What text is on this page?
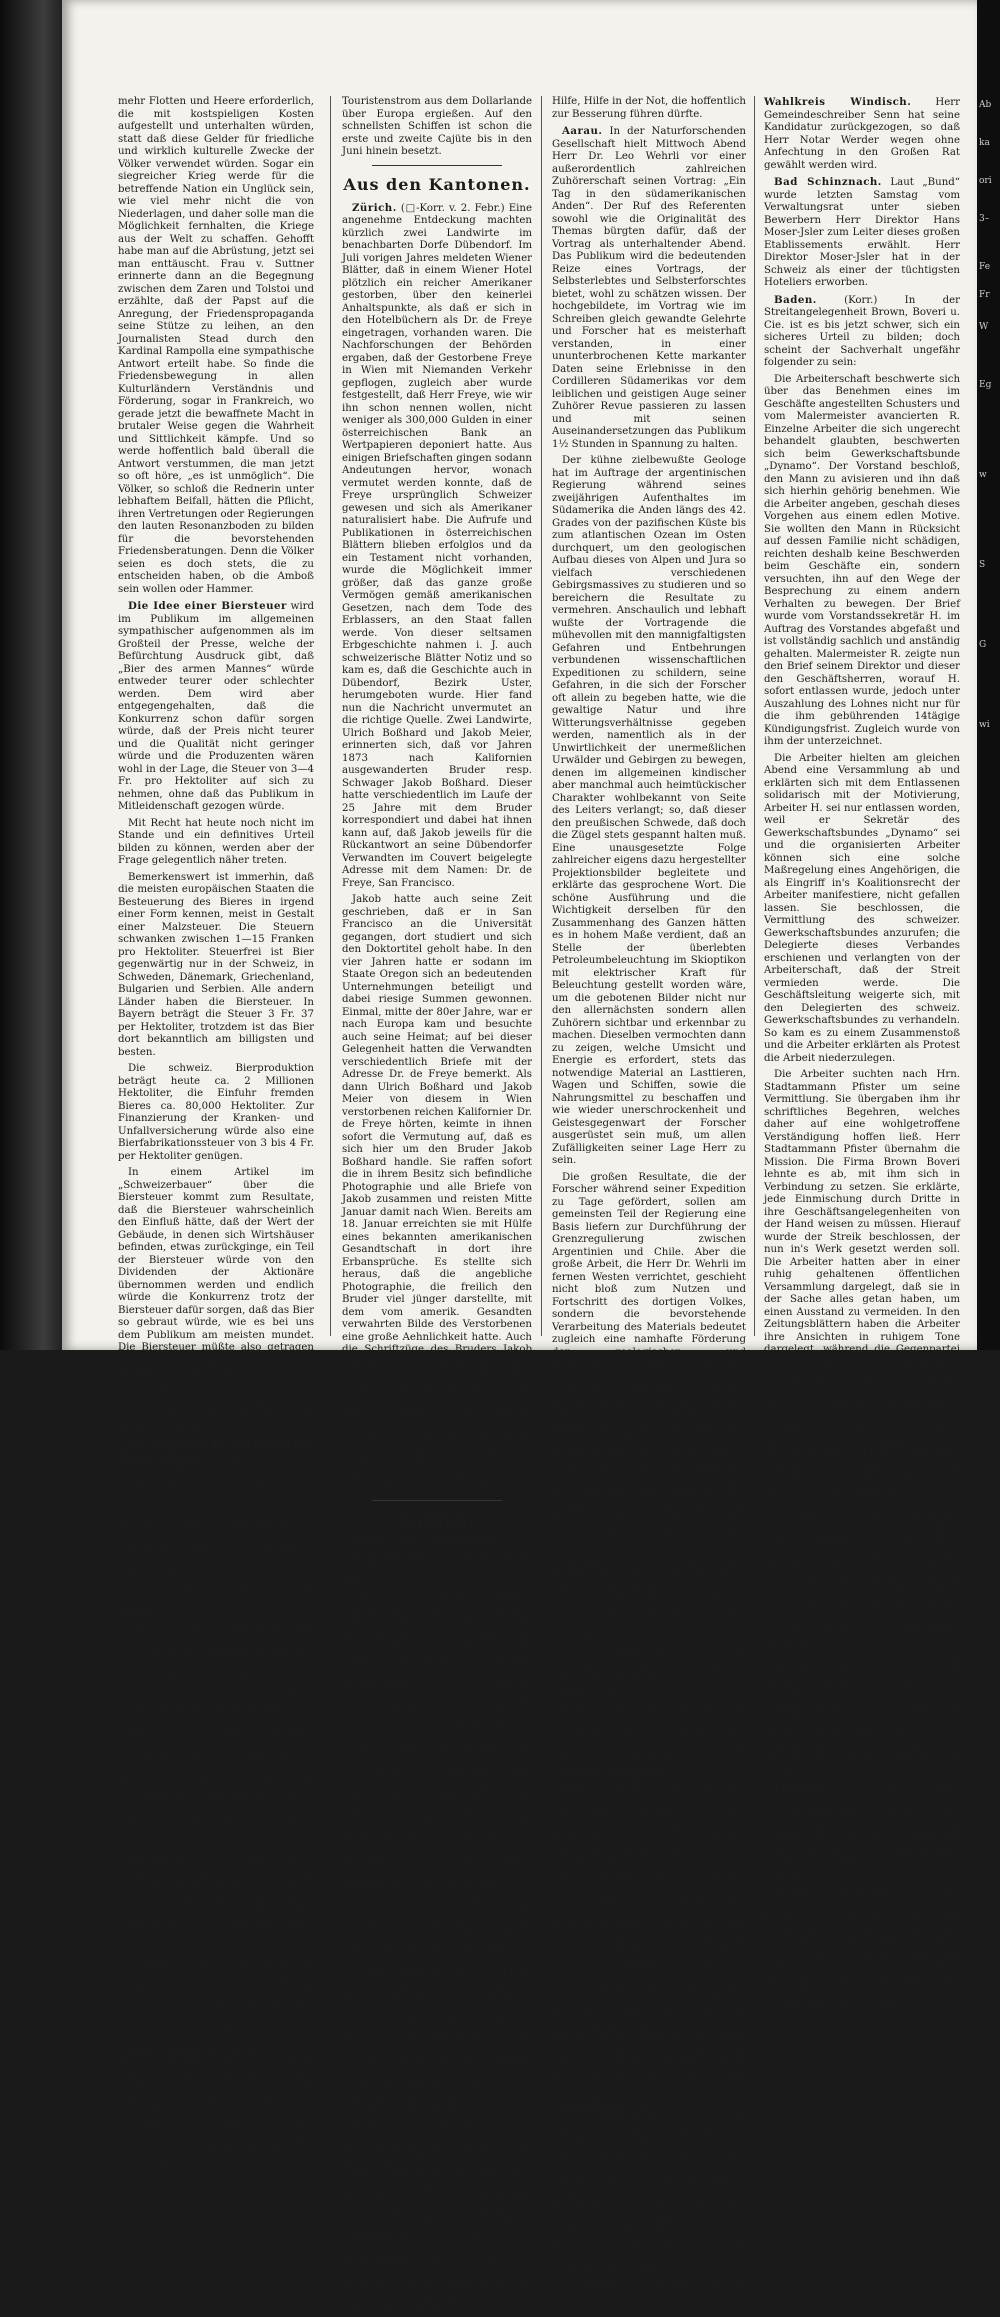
Ab
ka
ori
3–
Fe
Fr
W
Eg
w
S
G
wi

mehr Flotten und Heere erforderlich, die mit kostspieligen Kosten aufgestellt und unterhalten würden, statt daß diese Gelder für friedliche und wirklich kulturelle Zwecke der Völker verwendet würden. Sogar ein siegreicher Krieg werde für die betreffende Nation ein Unglück sein, wie viel mehr nicht die von Niederlagen, und daher solle man die Möglichkeit fernhalten, die Kriege aus der Welt zu schaffen. Gehofft habe man auf die Abrüstung, jetzt sei man enttäuscht. Frau v. Suttner erinnerte dann an die Begegnung zwischen dem Zaren und Tolstoi und erzählte, daß der Papst auf die Anregung, der Friedenspropaganda seine Stütze zu leihen, an den Journalisten Stead durch den Kardinal Rampolla eine sympathische Antwort erteilt habe. So finde die Friedensbewegung in allen Kulturländern Verständnis und Förderung, sogar in Frankreich, wo gerade jetzt die bewaffnete Macht in brutaler Weise gegen die Wahrheit und Sittlichkeit kämpfe. Und so werde hoffentlich bald überall die Antwort verstummen, die man jetzt so oft höre, „es ist unmöglich“. Die Völker, so schloß die Rednerin unter lebhaftem Beifall, hätten die Pflicht, ihren Vertretungen oder Regierungen den lauten Resonanzboden zu bilden für die bevorstehenden Friedensberatungen. Denn die Völker seien es doch stets, die zu entscheiden haben, ob die Amboß sein wollen oder Hammer.

Die Idee einer Biersteuer wird im Publikum im allgemeinen sympathischer aufgenommen als im Großteil der Presse, welche der Befürchtung Ausdruck gibt, daß „Bier des armen Mannes“ würde entweder teurer oder schlechter werden. Dem wird aber entgegengehalten, daß die Konkurrenz schon dafür sorgen würde, daß der Preis nicht teurer und die Qualität nicht geringer würde und die Produzenten wären wohl in der Lage, die Steuer von 3—4 Fr. pro Hektoliter auf sich zu nehmen, ohne daß das Publikum in Mitleidenschaft gezogen würde.

Mit Recht hat heute noch nicht im Stande und ein definitives Urteil bilden zu können, werden aber der Frage gelegentlich näher treten.

Bemerkenswert ist immerhin, daß die meisten europäischen Staaten die Besteuerung des Bieres in irgend einer Form kennen, meist in Gestalt einer Malzsteuer. Die Steuern schwanken zwischen 1—15 Franken pro Hektoliter. Steuerfrei ist Bier gegenwärtig nur in der Schweiz, in Schweden, Dänemark, Griechenland, Bulgarien und Serbien. Alle andern Länder haben die Biersteuer. In Bayern beträgt die Steuer 3 Fr. 37 per Hektoliter, trotzdem ist das Bier dort bekanntlich am billigsten und besten.

Die schweiz. Bierproduktion beträgt heute ca. 2 Millionen Hektoliter, die Einfuhr fremden Bieres ca. 80,000 Hektoliter. Zur Finanzierung der Kranken- und Unfallversicherung würde also eine Bierfabrikationssteuer von 3 bis 4 Fr. per Hektoliter genügen.

In einem Artikel im „Schweizerbauer“ über die Biersteuer kommt zum Resultate, daß die Biersteuer wahrscheinlich den Einfluß hätte, daß der Wert der Gebäude, in denen sich Wirtshäuser befinden, etwas zurückginge, ein Teil der Biersteuer würde von den Dividenden der Aktionäre übernommen werden und endlich würde die Konkurrenz trotz der Biersteuer dafür sorgen, daß das Bier so gebraut würde, wie es bei uns dem Publikum am meisten mundet. Die Biersteuer müßte also getragen werden: 1. vom Wirte, 2. den Besitzern der Wirtshäuser und 3. von den Brauereien.

Wir behalten uns, wie gesagt, unser Urteil über die Idee der Biersteuer noch vor.

Die Schweiz in peruanischer Beleuchtung. Das in Peru erscheinende Blatt „El Dever“ schreibt über die Schweiz und mit südlichem Feuer:

„Es gibt Völker, wie die Schweiz, die, ohne an der hohen Politik sich zu beteiligen, welche die andern Nationen täglich beunruhigt, geschätzt durch ihre Arbeit, in treuem Zusammenhalten nur zur Erhaltung ihres Glückes und der Entwicklung ihres Wohlstandes arbeiten.

„Die Schweiz ist groß genug, um glücklich zu sein und sie strebt nicht darnach, Zank anzufangen, um sich zu vergrößern und ihr Gebiet und ihre Existenz zu gefährden.

„Was sie immer auf der Höhe erhielt und immer lebendig erhält, ist der Umstand, daß ihre innere politische Einrichtung so trefflich und schön ist, daß sie der Welt als das Muster einer Republik und als ein Vorbild der Ordnung und des Fleißes voranleuchtet. So erwirbt sie die allgemeine Achtung und Liebe; niemand fordert sie heraus und verwickelt sie in schreckliche Stürme.

„Während die Rufe ehrgeiziger Nachbarn an ihr Ohr schlagen, durch deren Tore die Armeen schreiten, die ihre Ueberlegenheit führen möchten, geht die Schweiz ihren Gang weiter, ohne sich aufzuregen, die bietet fortwährend das Schauspiel eines arbeitsamen und glücklichen Volkes . . .“

In einem zweiten Artikel preist der „Dever“ unsere Wehrverfassung und stellt sie als Muster hin für die Reorganisation der peruanischen Nation.

Sehr schmeichelhaft!

Gute Saison in Sicht. (□ Korr.) Die diesjährige Saison verspricht namentlich hinsichtlich des Besuches amerikanischer Touristen eine sehr gute zu werden. Aus New-York berichtet man, daß nach den bisherigen Vormerkungen in den Bureaux europäischer Dampferlinien usw. der bevorstehende Reisezeit ein gewaltiger

Touristenstrom aus dem Dollarlande über Europa ergießen. Auf den schnellsten Schiffen ist schon die erste und zweite Cajüte bis in den Juni hinein besetzt.

Aus den Kantonen.

Zürich. (□-Korr. v. 2. Febr.) Eine angenehme Entdeckung machten kürzlich zwei Landwirte im benachbarten Dorfe Dübendorf. Im Juli vorigen Jahres meldeten Wiener Blätter, daß in einem Wiener Hotel plötzlich ein reicher Amerikaner gestorben, über den keinerlei Anhaltspunkte, als daß er sich in den Hotelbüchern als Dr. de Freye eingetragen, vorhanden waren. Die Nachforschungen der Behörden ergaben, daß der Gestorbene Freye in Wien mit Niemanden Verkehr gepflogen, zugleich aber wurde festgestellt, daß Herr Freye, wie wir ihn schon nennen wollen, nicht weniger als 300,000 Gulden in einer österreichischen Bank an Wertpapieren deponiert hatte. Aus einigen Briefschaften gingen sodann Andeutungen hervor, wonach vermutet werden konnte, daß de Freye ursprünglich Schweizer gewesen und sich als Amerikaner naturalisiert habe. Die Aufrufe und Publikationen in österreichischen Blättern blieben erfolglos und da ein Testament nicht vorhanden, wurde die Möglichkeit immer größer, daß das ganze große Vermögen gemäß amerikanischen Gesetzen, nach dem Tode des Erblassers, an den Staat fallen werde. Von dieser seltsamen Erbgeschichte nahmen i. J. auch schweizerische Blätter Notiz und so kam es, daß die Geschichte auch in Dübendorf, Bezirk Uster, herumgeboten wurde. Hier fand nun die Nachricht unvermutet an die richtige Quelle. Zwei Landwirte, Ulrich Boßhard und Jakob Meier, erinnerten sich, daß vor Jahren 1873 nach Kalifornien ausgewanderten Bruder resp. Schwager Jakob Boßhard. Dieser hatte verschiedentlich im Laufe der 25 Jahre mit dem Bruder korrespondiert und dabei hat ihnen kann auf, daß Jakob jeweils für die Rückantwort an seine Dübendorfer Verwandten im Couvert beigelegte Adresse mit dem Namen: Dr. de Freye, San Francisco.

Jakob hatte auch seine Zeit geschrieben, daß er in San Francisco an die Universität gegangen, dort studiert und sich den Doktortitel geholt habe. In den vier Jahren hatte er sodann im Staate Oregon sich an bedeutenden Unternehmungen beteiligt und dabei riesige Summen gewonnen. Einmal, mitte der 80er Jahre, war er nach Europa kam und besuchte auch seine Heimat; auf bei dieser Gelegenheit hatten die Verwandten verschiedentlich Briefe mit der Adresse Dr. de Freye bemerkt. Als dann Ulrich Boßhard und Jakob Meier von diesem in Wien verstorbenen reichen Kalifornier Dr. de Freye hörten, keimte in ihnen sofort die Vermutung auf, daß es sich hier um den Bruder Jakob Boßhard handle. Sie raffen sofort die in ihrem Besitz sich befindliche Photographie und alle Briefe von Jakob zusammen und reisten Mitte Januar damit nach Wien. Bereits am 18. Januar erreichten sie mit Hülfe eines bekannten amerikanischen Gesandtschaft in dort ihre Erbansprüche. Es stellte sich heraus, daß die angebliche Photographie, die freilich den Bruder viel jünger darstellte, mit dem vom amerik. Gesandten verwahrten Bilde des Verstorbenen eine große Aehnlichkeit hatte. Auch die Schriftzüge des Bruders Jakob stimmten mit denjenigen der Briefe des Dr. de Freye auffälligerweise überein. Die Recherchen werden nun weiter geführt und wenn alles klappt, dürften die beiden Dübendorfer Landwirte auf diesem seltsamen Wege bald zu einem tüchtigen Schock amerikanischer Dollars kommen. Und dazu hat ihnen also die Zeitung durch ihre Nachrichten wacker geholfen.

Aargau.

Ueber den Hausbettel lesen wir im Berichte des „Vereins gegen den Hausbettel in Aarau“ über das Jahr 1897/98:

Die Professionsbettler verschwinden nie, und immer wieder erscheinen raffinierte junge und alte Passanten, Vaganten und Bettler der verschiedensten Art, welche, nachdem sie andere getäuscht, deshalb sich ein solcher Bettler daran sind sie der Hut zu sein, um nicht das Opfer der Lüge und des Betruges zu werden und dadurch das unverschämte Betteln zu ermöglichen, auf den schlimmen Wegen weiter zu gehen. Wie manche gutmütige Wohltäter, die der Meinung sind, daß man jedem „armen Tropf“, der vor ihrer Türe stehe, oder sie um eine „kleine Unterstützung“ zu bitten wagt, etwas zu geben und sie um Milderung ihrer Not zu erweisen, doch der Gaben sofort gespendet. Möchten sie sich einmal überzeugen, daß es meistens seine Beziehungen und Berufsarten der Bettler, welche sich hier an die Almosenstelle weisen, wo ihnen die richtige Weg gezeigt und die zweckentsprechende Hilfe zuteil wird! Wie hat man im Laufe des Berichtsjahres vielen Erfahrungen zu Tage gebracht, manche Klage und manchen Jammerruf gehört, und es freute uns stets, wenn wir so oder anders, durch Rat und Tat lindern konnten. Aber es fehlte uns auch nicht an großen moralischen Uebeln und Schwierigkeiten. Wir stießen auf traurig-bittere Bilder, bei denen eine tiefe Not und schreiendes Elend sich zeigten; es war dies die Folge mangelnder Arbeitsgelegenheit, Krankheit oder Unglück, in andern Fällen wieder die Folge der Trunksucht und Liederlichkeit, und bei manchen die Zerrüttung durch die unseligen Folgen allzu großer Anhänglichkeit an dem Wirtshausleben und unordentliches Leben. Wir hatten die Fälle des zu Tage tretenden, auf zu traurigen Verhältnissen zurückzuführen, ohne das Gemeinsinn des Volkes, zu großen Anstrengungen zu bewegen. Wir suchten durch Aufklärung und Mahnung die Bedürftigen an die Stelle, bei der die Hilfe bereit ist, zu weisen. Das war auch

Hilfe, Hilfe in der Not, die hoffentlich zur Besserung führen dürfte.

Aarau. In der Naturforschenden Gesellschaft hielt Mittwoch Abend Herr Dr. Leo Wehrli vor einer außerordentlich zahlreichen Zuhörerschaft seinen Vortrag: „Ein Tag in den südamerikanischen Anden“. Der Ruf des Referenten sowohl wie die Originalität des Themas bürgten dafür, daß der Vortrag als unterhaltender Abend. Das Publikum wird die bedeutenden Reize eines Vortrags, der Selbsterlebtes und Selbsterforschtes bietet, wohl zu schätzen wissen. Der hochgebildete, im Vortrag wie im Schreiben gleich gewandte Gelehrte und Forscher hat es meisterhaft verstanden, in einer ununterbrochenen Kette markanter Daten seine Erlebnisse in den Cordilleren Südamerikas vor dem leiblichen und geistigen Auge seiner Zuhörer Revue passieren zu lassen und mit seinen Auseinandersetzungen das Publikum 1½ Stunden in Spannung zu halten.

Der kühne zielbewußte Geologe hat im Auftrage der argentinischen Regierung während seines zweijährigen Aufenthaltes im Südamerika die Anden längs des 42. Grades von der pazifischen Küste bis zum atlantischen Ozean im Osten durchquert, um den geologischen Aufbau dieses von Alpen und Jura so vielfach verschiedenen Gebirgsmassives zu studieren und so bereichern die Resultate zu vermehren. Anschaulich und lebhaft wußte der Vortragende die mühevollen mit den mannigfaltigsten Gefahren und Entbehrungen verbundenen wissenschaftlichen Expeditionen zu schildern, seine Gefahren, in die sich der Forscher oft allein zu begeben hatte, wie die gewaltige Natur und ihre Witterungsverhältnisse gegeben werden, namentlich als in der Unwirtlichkeit der unermeßlichen Urwälder und Gebirgen zu bewegen, denen im allgemeinen kindischer aber manchmal auch heimtückischer Charakter wohlbekannt von Seite des Leiters verlangt; so, daß dieser den preußischen Schwede, daß doch die Zügel stets gespannt halten muß. Eine unausgesetzte Folge zahlreicher eigens dazu hergestellter Projektionsbilder begleitete und erklärte das gesprochene Wort. Die schöne Ausführung und die Wichtigkeit derselben für den Zusammenhang des Ganzen hätten es in hohem Maße verdient, daß an Stelle der überlebten Petroleumbeleuchtung im Skioptikon mit elektrischer Kraft für Beleuchtung gestellt worden wäre, um die gebotenen Bilder nicht nur den allernächsten sondern allen Zuhörern sichtbar und erkennbar zu machen. Dieselben vermochten dann zu zeigen, welche Umsicht und Energie es erfordert, stets das notwendige Material an Lasttieren, Wagen und Schiffen, sowie die Nahrungsmittel zu beschaffen und wie wieder unerschrockenheit und Geistesgegenwart der Forscher ausgerüstet sein muß, um allen Zufälligkeiten seiner Lage Herr zu sein.

Die großen Resultate, die der Forscher während seiner Expedition zu Tage gefördert, sollen am gemeinsten Teil der Regierung eine Basis liefern zur Durchführung der Grenzregulierung zwischen Argentinien und Chile. Aber die große Arbeit, die Herr Dr. Wehrli im fernen Westen verrichtet, geschieht nicht bloß zum Nutzen und Fortschritt des dortigen Volkes, sondern die bevorstehende Verarbeitung des Materials bedeutet zugleich eine namhafte Förderung der geologischen und geographischen Wissenschaft und die großen Verdienste sind, wie Herr Prof. Dr. Mühlberg besonders betonte, nicht nur eine Ehre für den Gelehrten, sondern strahlen auch zurück auf sein schweizerisches Vaterland und speziell auf seine engere Heimat, den Kanton Aargau.

Die interessanten Erörterungen haben den reichen Beifall, der den Vortragenden gezollt wurde, und den warmen Dank des Präsidenten im Namen der Naturforschenden Gesellschaft in hohem Maße verdient. 8.

Aarau. Verein gegen den Hausbettel. Die Centralstation in Aarau verabfolgte im Jahre 1897 auf 1898 190 Unterstützungen im Fr. 509. 85, die Lokalkomitees in den Gemeinden mit 100 Unterstützungen Fr. 521. 95.

Für das übrige verweisen wir auf den Jahresbericht, der soeben im Druck erschienen ist.

Suhr. (Korr.) Die Maul- und Klauenseuche ist erloschen und der Stallbann mit 1. Febr. aufgehoben. Somit ist der Bezirk seuchenfrei und steht der Wiederabhaltung der Märkte nichts im Wege.

Bezirk Lenzburg. (Korr.) Unser Bezirk schreitet am nächsten Sonntag nochmals zur Wahl eines Amtsrichters. Wie stets bei solchen Wahlen, der die Stimmbeteiligung ist vielleicht dieses mal das relative Mehr. Die Namen Döfekel und Senn werden dabei mit ca. 300, Müller ca 1400 Stimmen, wie die beiden andern Kandidaten nach Bruner ca. 1000, Müller ca 1400 Stimmen und es wird darum aller Wahrscheinlichkeit nach nur um zwei Kandidaten einen Wahlgang die Stimmberechtigten in Betracht fallen. Wir können das wohl nicht anders sagen, als daß der Vorgeschlagene ein tüchtiges und einsichtiges Mitglied in der Person des Hrn. Müller, Posthalter, in Fahrwangen. [Anm. der Red.: Wir haben es bereits mitgeteilt, daß Herr Bruner auf eine weitere Kandidatur verzichtet; die Wahl des Hrn. Müller ist somit schon aus diesem Grunde gesichert.]

Lenzburg. Jahr- und Viehmarkt vom 2. Februar. Die von gewisser Seite zu Stunde durchgesetzte Abhaltung des Viehmarktes hat sich, wie vorausgesehen war, als eine ganz verfehlte Spekulation erwiesen, indem einerseits die Publikation mangels Zeit nur ungenügend stattfinden konnte und andererseits die Bauern die offizielle erfolgte Aufhebung des Stallbannes nicht abwarten wollten, die ebenso die Presse die Lenzburger Viehmärkte nicht anregen konnte.

Ab Bahnhof S. C. B. wurden in der Folge nur 2 Stück spediert.

Wahlkreis Windisch. Herr Gemeindeschreiber Senn hat seine Kandidatur zurückgezogen, so daß Herr Notar Werder wegen ohne Anfechtung in den Großen Rat gewählt werden wird.

Bad Schinznach. Laut „Bund“ wurde letzten Samstag vom Verwaltungsrat unter sieben Bewerbern Herr Direktor Hans Moser-Jsler zum Leiter dieses großen Etablissements erwählt. Herr Direktor Moser-Jsler hat in der Schweiz als einer der tüchtigsten Hoteliers erworben.

Baden.	(Korr.) In der Streitangelegenheit Brown, Boveri u. Cie. ist es bis jetzt schwer, sich ein sicheres Urteil zu bilden; doch scheint der Sachverhalt ungefähr folgender zu sein:

Die Arbeiterschaft beschwerte sich über das Benehmen eines im Geschäfte angestellten Schusters und vom Malermeister avancierten R. Einzelne Arbeiter die sich ungerecht behandelt glaubten, beschwerten sich beim Gewerkschaftsbunde „Dynamo“. Der Vorstand beschloß, den Mann zu avisieren und ihn daß sich hierhin gehörig benehmen. Wie die Arbeiter angeben, geschah dieses Vorgehen aus einem edlen Motive. Sie wollten den Mann in Rücksicht auf dessen Familie nicht schädigen, reichten deshalb keine Beschwerden beim Geschäfte ein, sondern versuchten, ihn auf den Wege der Besprechung zu einem andern Verhalten zu bewegen. Der Brief wurde vom Vorstandssekretär H. im Auftrag des Vorstandes abgefaßt und ist vollständig sachlich und anständig gehalten. Malermeister R. zeigte nun den Brief seinem Direktor und dieser den Geschäftsherren, worauf H. sofort entlassen wurde, jedoch unter Auszahlung des Lohnes nicht nur für die ihm gebührenden 14tägige Kündigungsfrist. Zugleich wurde von ihm der unterzeichnet.

Die Arbeiter hielten am gleichen Abend eine Versammlung ab und erklärten sich mit dem Entlassenen solidarisch mit der Motivierung, Arbeiter H. sei nur entlassen worden, weil er Sekretär des Gewerkschaftsbundes „Dynamo“ sei und die organisierten Arbeiter können sich eine solche Maßregelung eines Angehörigen, die als Eingriff in's Koalitionsrecht der Arbeiter manifestiere, nicht gefallen lassen. Sie beschlossen, die Vermittlung des schweizer. Gewerkschaftsbundes anzurufen; die Delegierte dieses Verbandes erschienen und verlangten von der Arbeiterschaft, daß der Streit vermieden werde. Die Geschäftsleitung weigerte sich, mit den Delegierten des schweiz. Gewerkschaftsbundes zu verhandeln. So kam es zu einem Zusammenstoß und die Arbeiter erklärten als Protest die Arbeit niederzulegen.

Die Arbeiter suchten nach Hrn. Stadtammann Pfister um seine Vermittlung. Sie übergaben ihm ihr schriftliches Begehren, welches daher auf eine wohlgetroffene Verständigung hoffen ließ. Herr Stadtammann Pfister übernahm die Mission. Die Firma Brown Boveri lehnte es ab, mit ihm sich in Verbindung zu setzen. Sie erklärte, jede Einmischung durch Dritte in ihre Geschäftsangelegenheiten von der Hand weisen zu müssen. Hierauf wurde der Streik beschlossen, der nun in's Werk gesetzt werden soll. Die Arbeiter hatten aber in einer ruhig gehaltenen öffentlichen Versammlung dargelegt, daß sie in der Sache alles getan haben, um einen Ausstand zu vermeiden. In den Zeitungsblättern haben die Arbeiter ihre Ansichten in ruhigem Tone dargelegt, während die Gegenpartei sich bisher in Stillschweigen hüllte.

Es ist sehr bedauerlich, daß mitten in der Winterstrenge ein Streit in unserm größten Etablissement ausgebrochen ist, der bereits 600 Arbeiter umfaßt. Umso bedauerlicher, als er möglicherweise auf einem Mißverständnis beruht. Es scheint, die Firma habe die Vorladung des Malermeisters R. in die Versammlung des Gewerkschaftsbundes „Dynamo“ als eine Citation vor einen Gerichtshof aufgefaßt und daraus, daß der Brief vom Sekretär des Vorstandes unterschrieben war, geschlossen, daß der Brief unberechtigt gewesen sei. Es ist sehr wahrscheinlich, daß die Firma darauf aus war, den Arbeiter H. wegen dieser Sache entlassen. Es scheint, daß H. ein sehr ruhiger und tüchtiger Arbeiter war und nichts gegen ihn vorlag.

Wahrscheinlich wird, wenn sich die erste Hitze verflogen hat und die beiden Parteien sich die Sache ruhiger überlegt haben, eine Einigung möglich sein. Sofern, nur bei Ruhe und Besonnenheit auf beiden Seiten wird eine solche Einigung möglich sein; wir hoffen es für die Stadt Baden und für die Arbeiter.

Freiamt. (Korr.) Am Lichtmeß verschied in Dorfmuri Herr Josef Fischer zum „Engel“. Derselbe starb nach langer, schwerer Krankheit und erreichte ein Alter von 65 Jahren. Er war als fleißiger und ruhiger Bürger allgemein beliebt. Er ruhe im Frieden!

Morgen Sonntag den 5. Februar, nachmittags 3 Uhr veranstaltet der Töchterchor Muri im Gasthof zur Krone in Birri ein Konzert mit reichhaltigem Programm, welches Ernst und Humor angenehm verbindet; es sei dasselbe bestens empfohlen und wünschen den Veranstalterinnen des schönen Geschlechtes guten Erfolg!
